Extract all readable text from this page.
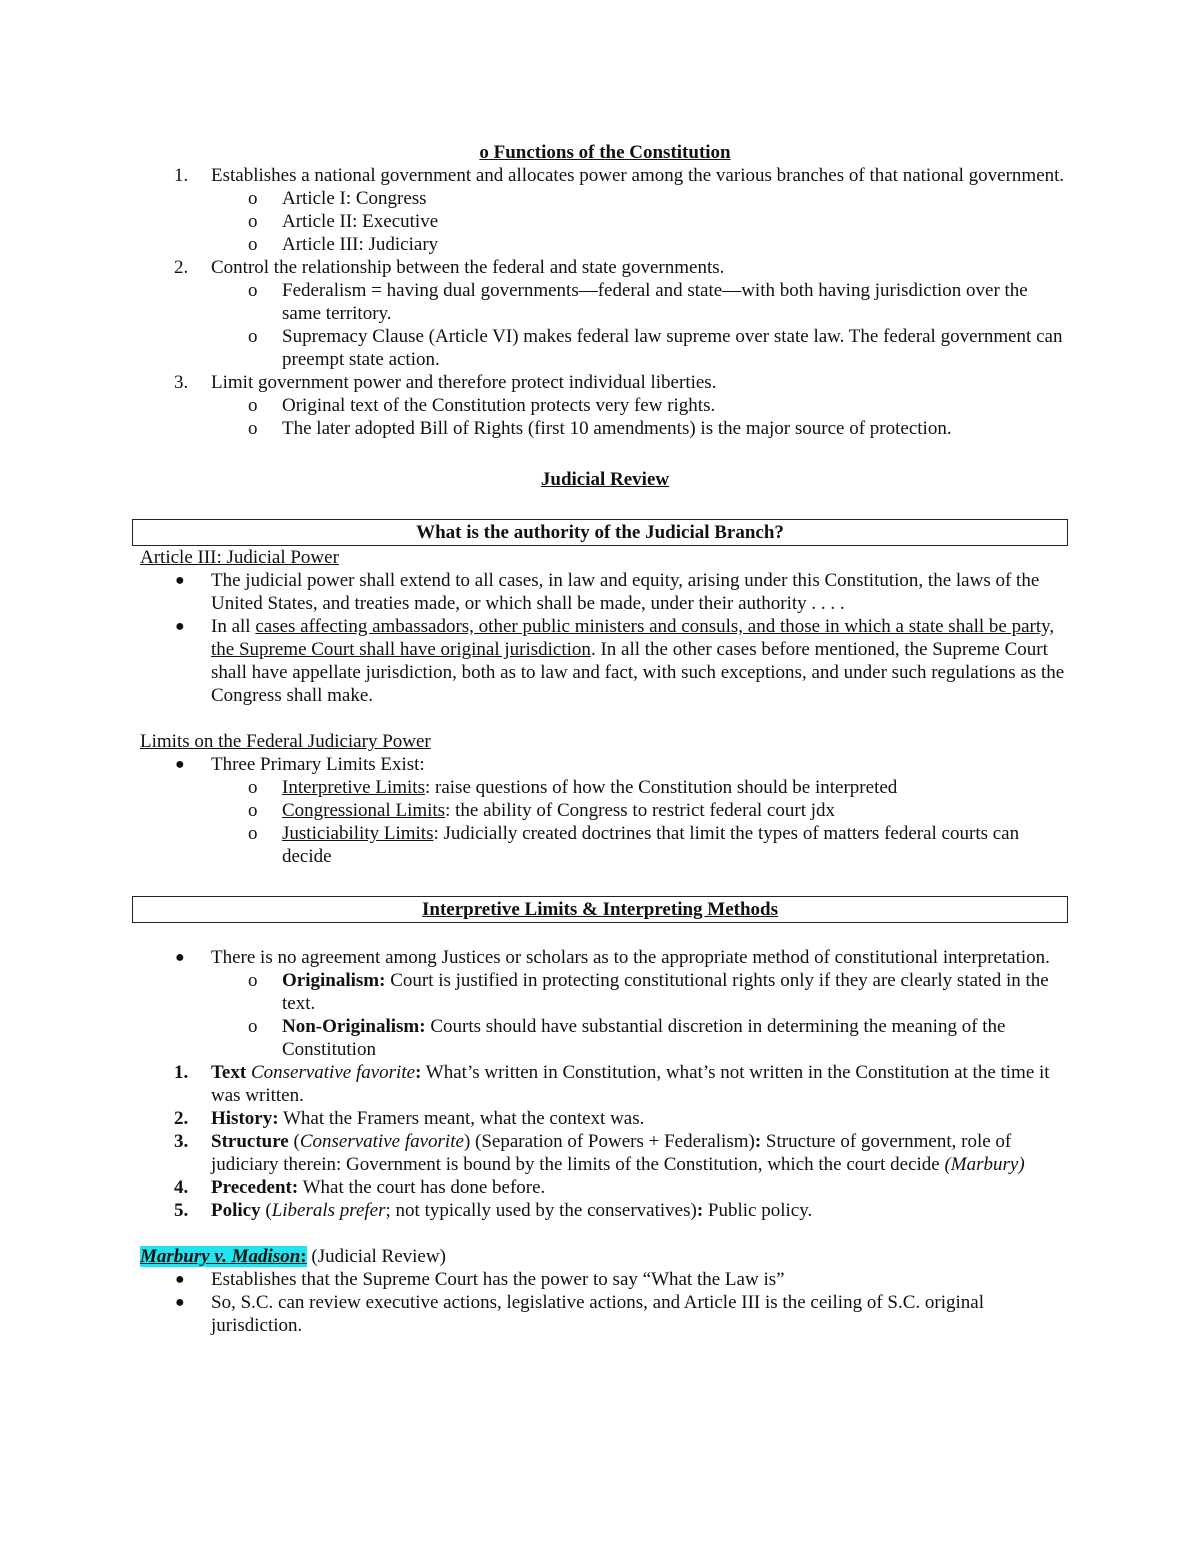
o Functions of the Constitution
1. Establishes a national government and allocates power among the various branches of that national government.
o Article I: Congress
o Article II: Executive
o Article III: Judiciary
2. Control the relationship between the federal and state governments.
o Federalism = having dual governments—federal and state—with both having jurisdiction over the same territory.
o Supremacy Clause (Article VI) makes federal law supreme over state law. The federal government can preempt state action.
3. Limit government power and therefore protect individual liberties.
o Original text of the Constitution protects very few rights.
o The later adopted Bill of Rights (first 10 amendments) is the major source of protection.
Judicial Review
What is the authority of the Judicial Branch?
Article III: Judicial Power
● The judicial power shall extend to all cases, in law and equity, arising under this Constitution, the laws of the United States, and treaties made, or which shall be made, under their authority . . . .
● In all cases affecting ambassadors, other public ministers and consuls, and those in which a state shall be party, the Supreme Court shall have original jurisdiction. In all the other cases before mentioned, the Supreme Court shall have appellate jurisdiction, both as to law and fact, with such exceptions, and under such regulations as the Congress shall make.
Limits on the Federal Judiciary Power
● Three Primary Limits Exist:
o Interpretive Limits: raise questions of how the Constitution should be interpreted
o Congressional Limits: the ability of Congress to restrict federal court jdx
o Justiciability Limits: Judicially created doctrines that limit the types of matters federal courts can decide
Interpretive Limits & Interpreting Methods
● There is no agreement among Justices or scholars as to the appropriate method of constitutional interpretation.
o Originalism: Court is justified in protecting constitutional rights only if they are clearly stated in the text.
o Non-Originalism: Courts should have substantial discretion in determining the meaning of the Constitution
1. Text Conservative favorite: What’s written in Constitution, what’s not written in the Constitution at the time it was written.
2. History: What the Framers meant, what the context was.
3. Structure (Conservative favorite) (Separation of Powers + Federalism): Structure of government, role of judiciary therein: Government is bound by the limits of the Constitution, which the court decide (Marbury)
4. Precedent: What the court has done before.
5. Policy (Liberals prefer; not typically used by the conservatives): Public policy.
Marbury v. Madison: (Judicial Review)
● Establishes that the Supreme Court has the power to say “What the Law is”
● So, S.C. can review executive actions, legislative actions, and Article III is the ceiling of S.C. original jurisdiction.
